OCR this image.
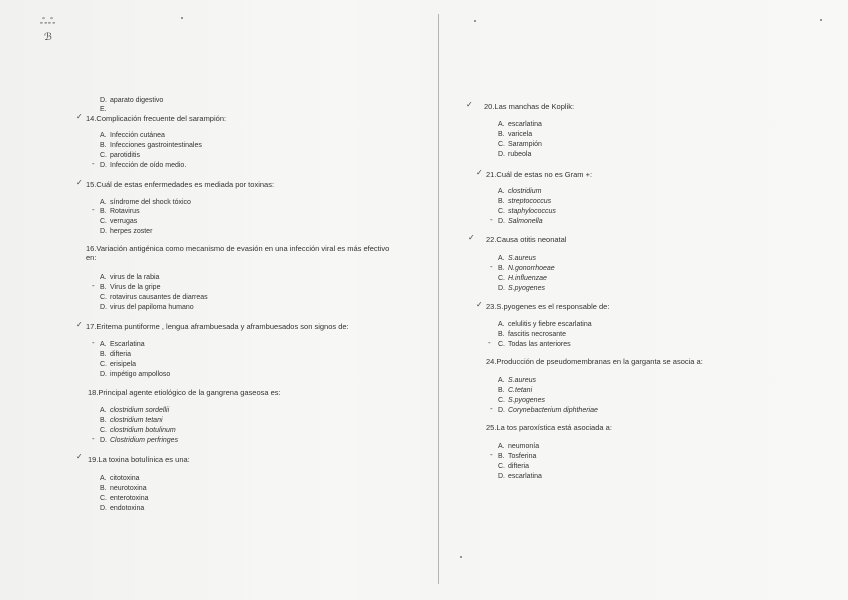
ஃஃ
ℬ
D. aparato digestivo
E.
✓ 14.Complicación frecuente del sarampión:
A. Infección cutánea
B. Infecciones gastrointestinales
C. parotiditis
- D. Infección de oído medio.
✓ 15.Cuál de estas enfermedades es mediada por toxinas:
A. síndrome del shock tóxico
- B. Rotavirus
C. verrugas
D. herpes zoster
16.Variación antigénica como mecanismo de evasión en una infección viral es más efectivo en:
A. virus de la rabia
- B. Virus de la gripe
C. rotavirus causantes de diarreas
D. virus del papiloma humano
✓ 17.Eritema puntiforme , lengua aframbuesada y aframbuesados son signos de:
- A. Escarlatina
B. difteria
C. erisipela
D. impétigo ampolloso
18.Principal agente etiológico de la gangrena gaseosa es:
A. clostridium sordellii
B. clostridium tetani
C. clostridium botulinum
- D. Clostridium perfringes
✓ 19.La toxina botulínica es una:
A. citotoxina
B. neurotoxina
C. enterotoxina
D. endotoxina
✓ 20.Las manchas de Koplik:
A. escarlatina
B. varicela
C. Sarampión
D. rubeola
✓ 21.Cuál de estas no es Gram +:
A. clostridium
B. streptococcus
C. staphylococcus
- D. Salmonella
✓ 22.Causa otitis neonatal
A. S.aureus
- B. N.gonorrhoeae
C. H.influenzae
D. S.pyogenes
✓ 23.S.pyogenes es el responsable de:
A. celulitis y fiebre escarlatina
B. fascitis necrosante
- C. Todas las anteriores
24.Producción de pseudomembranas en la garganta se asocia a:
A. S.aureus
B. C.tetani
C. S.pyogenes
- D. Corynebacterium diphtheriae
25.La tos paroxística está asociada a:
A. neumonía
- B. Tosferina
C. difteria
D. escarlatina
